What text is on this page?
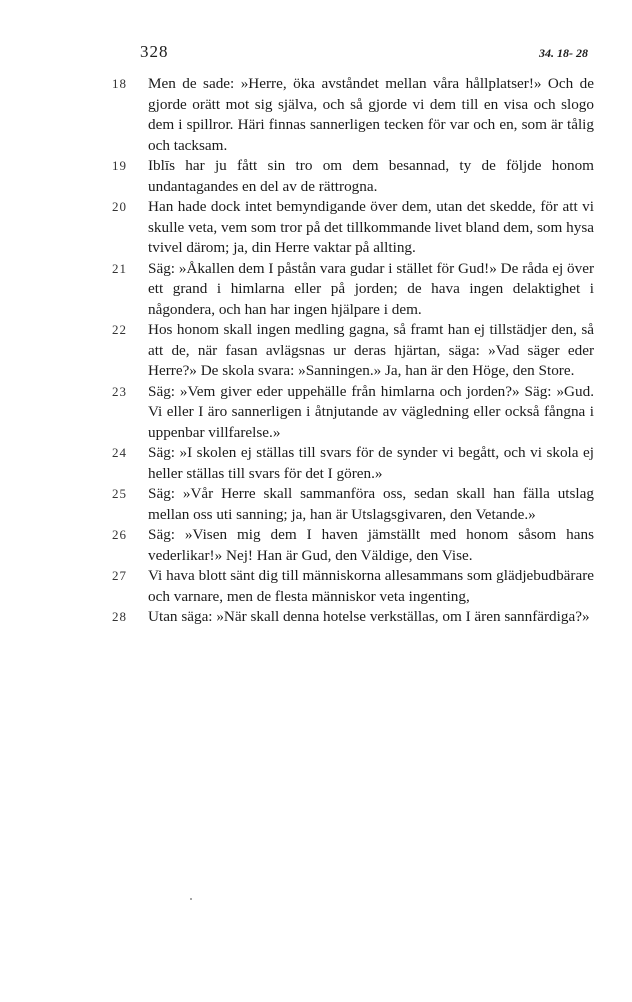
328	34. 18- 28

18	Men de sade: »Herre, öka avståndet mellan våra hållplatser!» Och de gjorde orätt mot sig själva, och så gjorde vi dem till en visa och slogo dem i spillror. Häri finnas sannerligen tecken för var och en, som är tålig och tacksam.

19	Iblīs har ju fått sin tro om dem besannad, ty de följde honom undantagandes en del av de rättrogna.

20	Han hade dock intet bemyndigande över dem, utan det skedde, för att vi skulle veta, vem som tror på det tillkommande livet bland dem, som hysa tvivel därom; ja, din Herre vaktar på allting.

21	Säg: »Åkallen dem I påstån vara gudar i stället för Gud!» De råda ej över ett grand i himlarna eller på jorden; de hava ingen delaktighet i någondera, och han har ingen hjälpare i dem.

22	Hos honom skall ingen medling gagna, så framt han ej tillstädjer den, så att de, när fasan avlägsnas ur deras hjärtan, säga: »Vad säger eder Herre?» De skola svara: »Sanningen.» Ja, han är den Höge, den Store.

23	Säg: »Vem giver eder uppehälle från himlarna och jorden?» Säg: »Gud. Vi eller I äro sannerligen i åtnjutande av vägledning eller också fångna i uppenbar villfarelse.»

24	Säg: »I skolen ej ställas till svars för de synder vi begått, och vi skola ej heller ställas till svars för det I gören.»

25	Säg: »Vår Herre skall sammanföra oss, sedan skall han fälla utslag mellan oss uti sanning; ja, han är Utslagsgivaren, den Vetande.»

26	Säg: »Visen mig dem I haven jämställt med honom såsom hans vederlikar!» Nej! Han är Gud, den Väldige, den Vise.

27	Vi hava blott sänt dig till människorna allesammans som glädjebudbärare och varnare, men de flesta människor veta ingenting,

28	Utan säga: »När skall denna hotelse verkställas, om I ären sannfärdiga?»
